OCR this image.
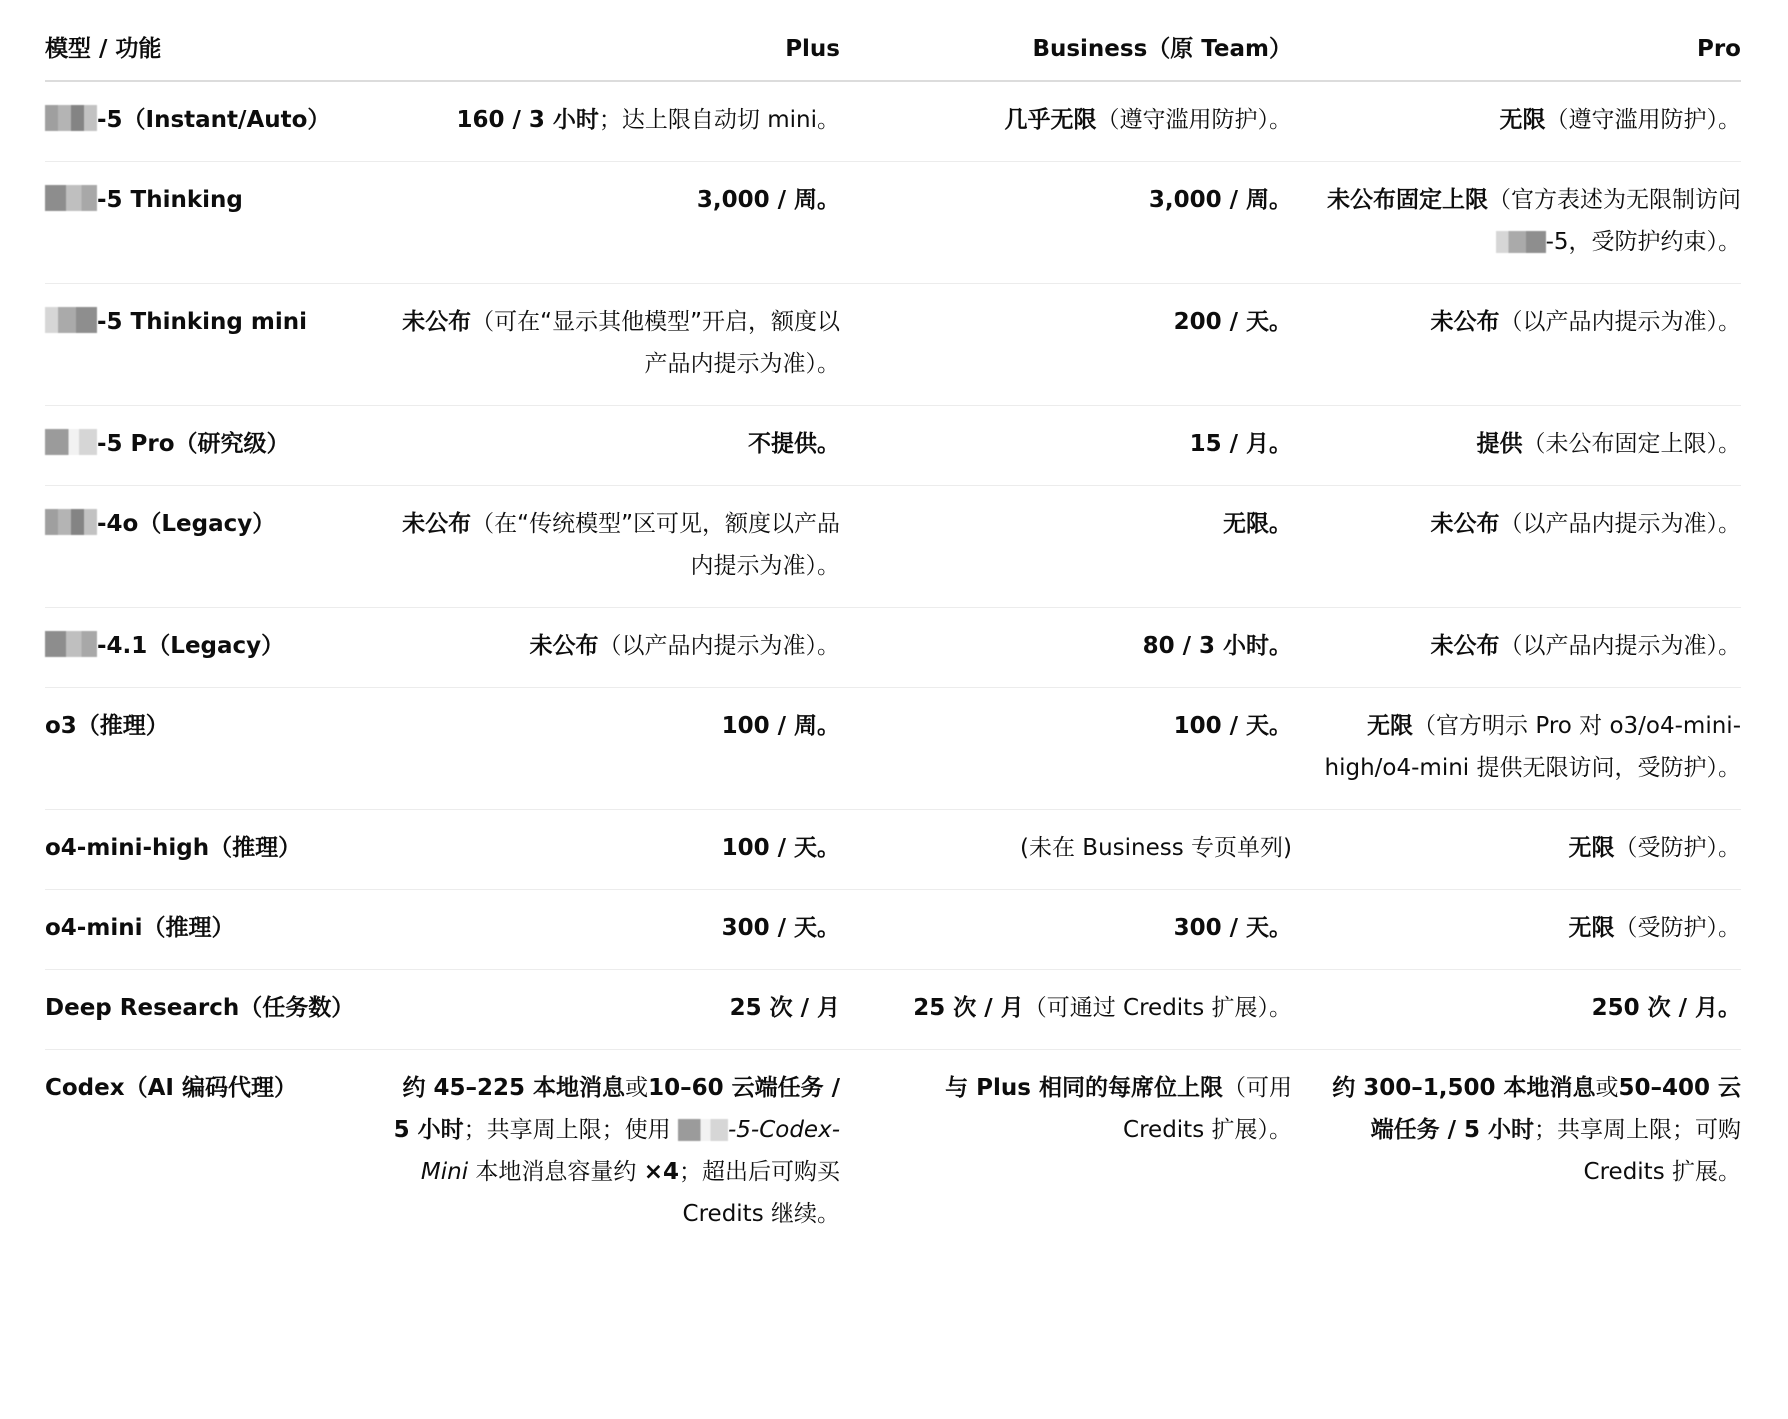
模型 / 功能	Plus	Business（原 Team）	Pro
-5（Instant/Auto）	160 / 3 小时；达上限自动切 mini。	几乎无限（遵守滥用防护）。	无限（遵守滥用防护）。
-5 Thinking	3,000 / 周。	3,000 / 周。	未公布固定上限（官方表述为无限制访问 -5，受防护约束）。
-5 Thinking mini	未公布（可在“显示其他模型”开启，额度以产品内提示为准）。	200 / 天。	未公布（以产品内提示为准）。
-5 Pro（研究级）	不提供。	15 / 月。	提供（未公布固定上限）。
-4o（Legacy）	未公布（在“传统模型”区可见，额度以产品内提示为准）。	无限。	未公布（以产品内提示为准）。
-4.1（Legacy）	未公布（以产品内提示为准）。	80 / 3 小时。	未公布（以产品内提示为准）。
o3（推理）	100 / 周。	100 / 天。	无限（官方明示 Pro 对 o3/o4-mini-high/o4-mini 提供无限访问，受防护）。
o4-mini-high（推理）	100 / 天。	(未在 Business 专页单列)	无限（受防护）。
o4-mini（推理）	300 / 天。	300 / 天。	无限（受防护）。
Deep Research（任务数）	25 次 / 月	25 次 / 月（可通过 Credits 扩展）。	250 次 / 月。
Codex（AI 编码代理）	约 45–225 本地消息或10–60 云端任务 / 5 小时；共享周上限；使用 -5-Codex-Mini 本地消息容量约 ×4；超出后可购买 Credits 继续。	与 Plus 相同的每席位上限（可用 Credits 扩展）。	约 300–1,500 本地消息或50–400 云端任务 / 5 小时；共享周上限；可购 Credits 扩展。
